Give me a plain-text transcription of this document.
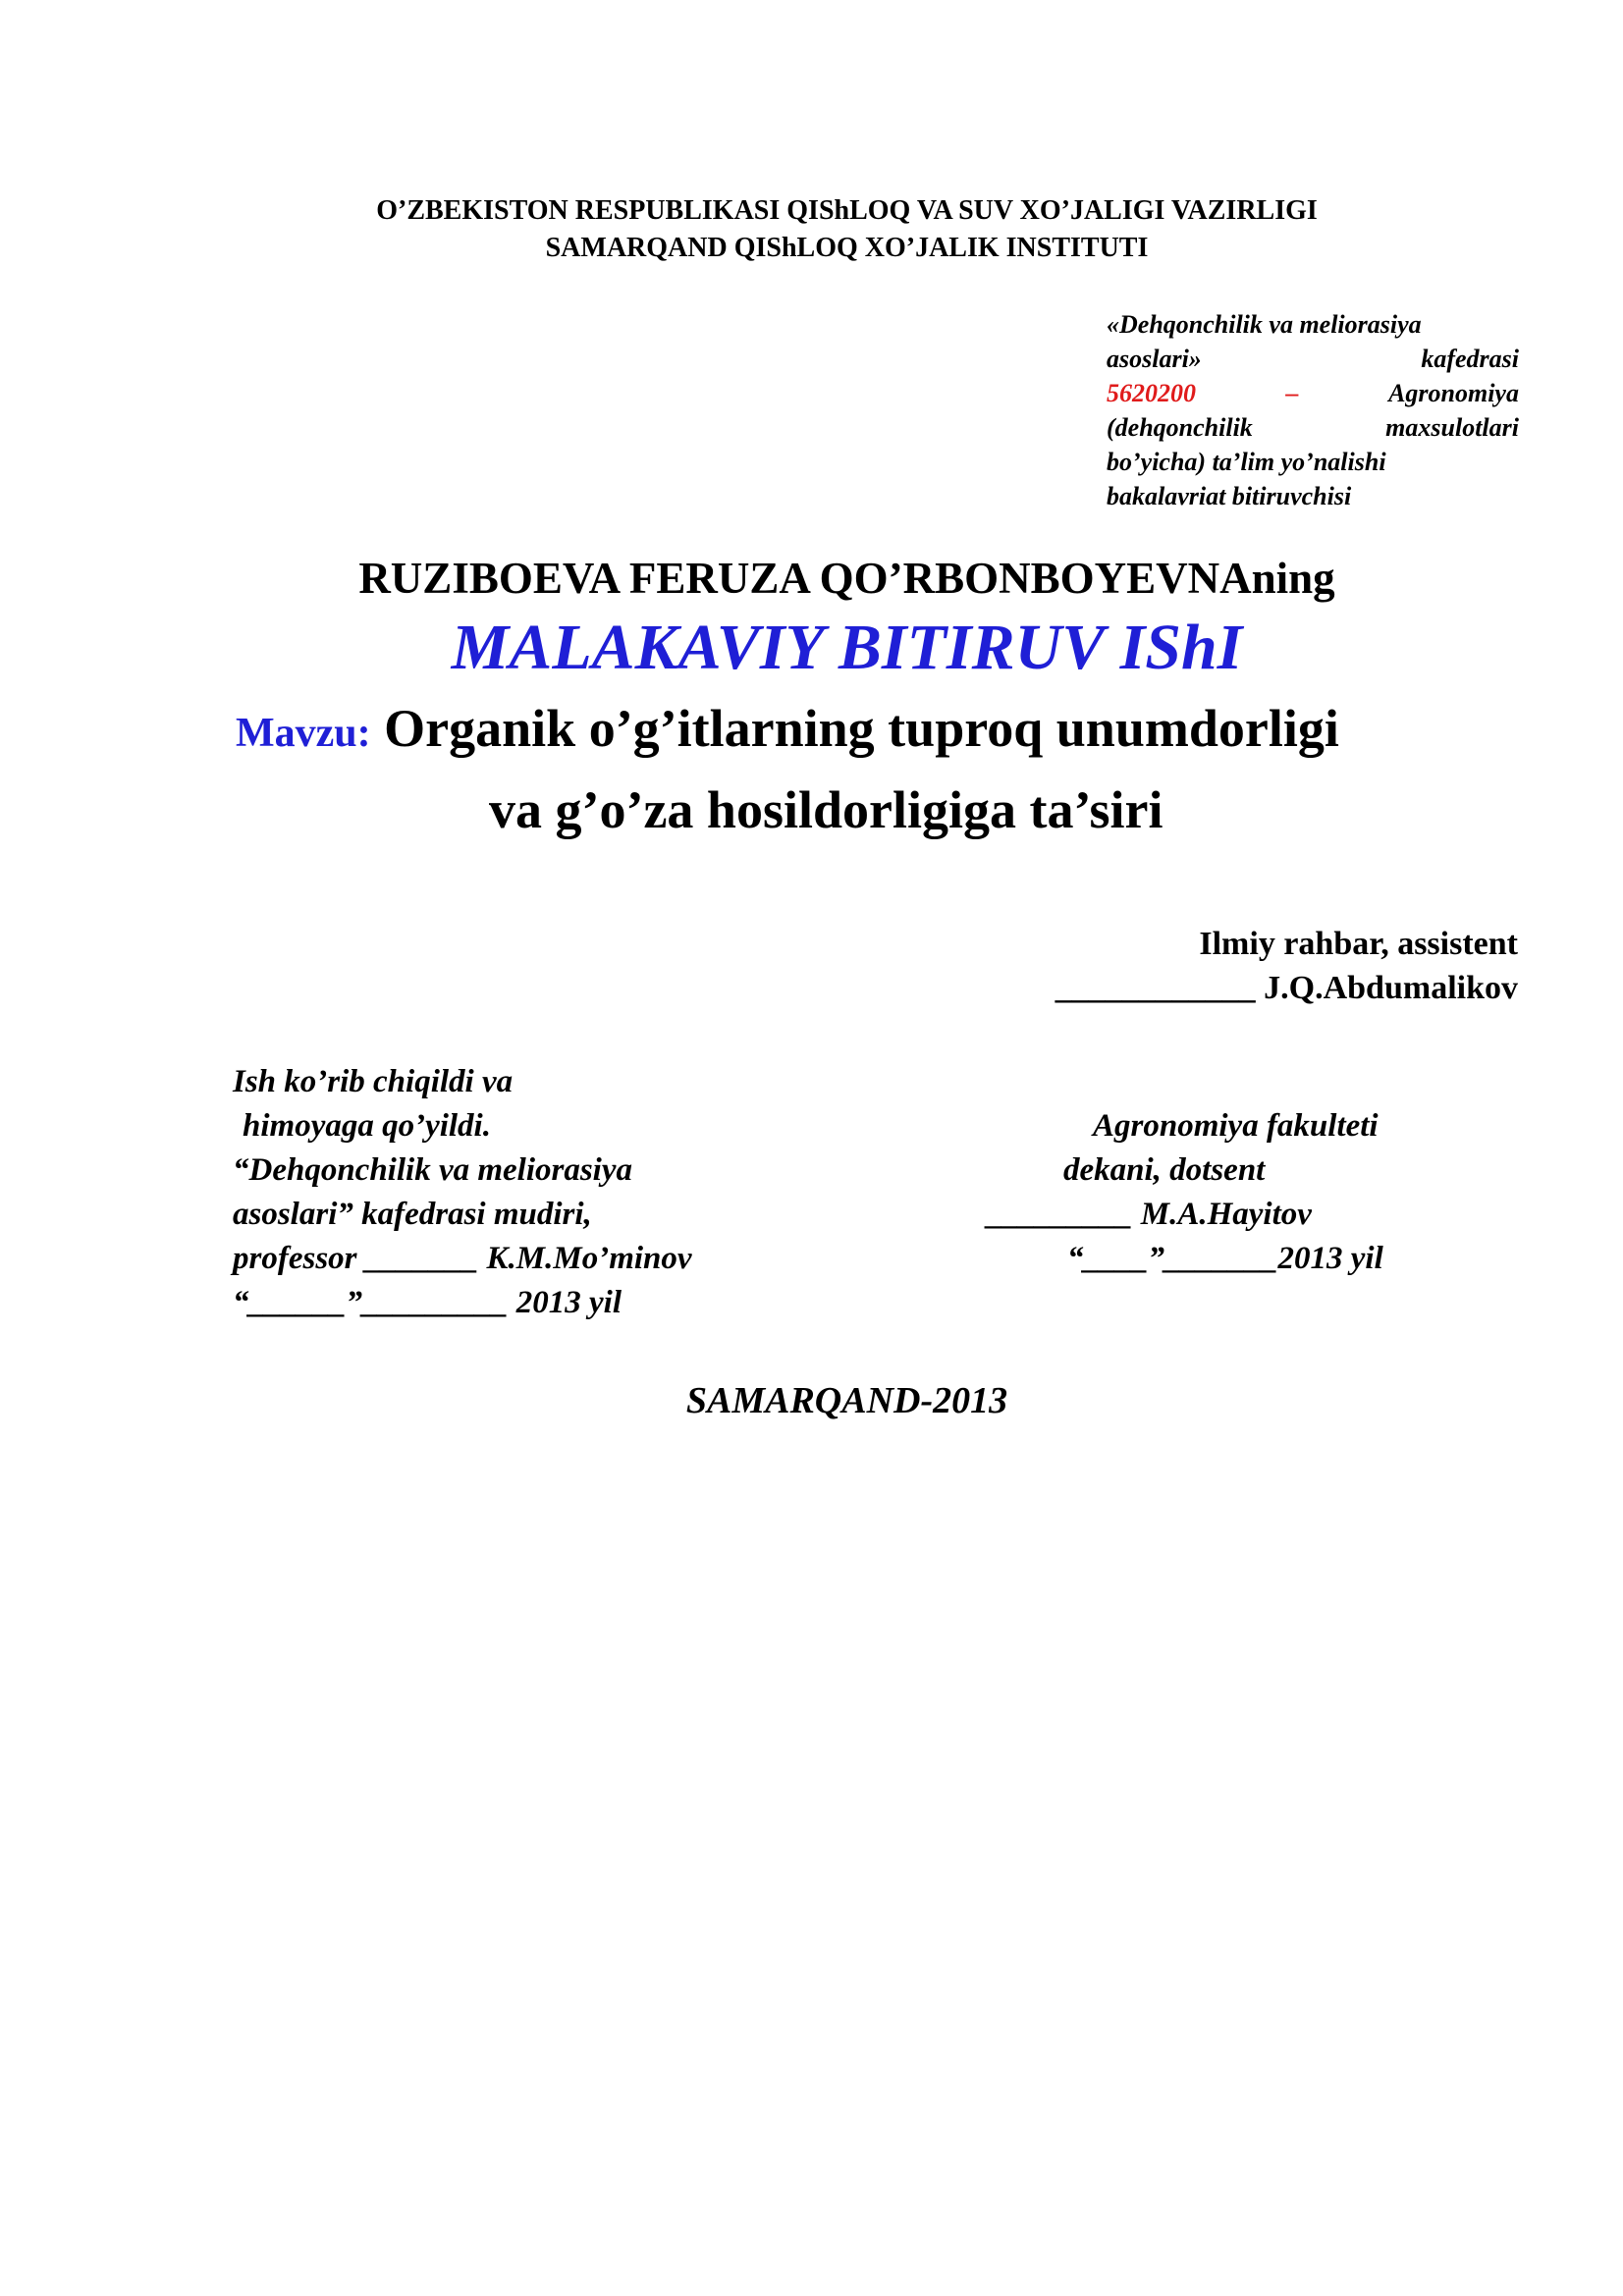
O’ZBEKISTON RESPUBLIKASI QIShLOQ VA SUV XO’JALIGI VAZIRLIGI
SAMARQAND QIShLOQ XO’JALIK INSTITUTI
«Dehqonchilik va meliorasiya
asoslari»	kafedrasi
5620200	–	Agronomiya
(dehqonchilik	maxsulotlari
bo’yicha) ta’lim yo’nalishi
bakalavriat bitiruvchisi
RUZIBOEVA FERUZA QO’RBONBOYEVNAning
MALAKAVIY BITIRUV IShI
Mavzu: Organik o’g’itlarning tuproq unumdorligi
va g’o’za hosildorligiga ta’siri
Ilmiy rahbar, assistent
____________ J.Q.Abdumalikov
Ish ko’rib chiqildi va
himoyaga qo’yildi.
“Dehqonchilik va meliorasiya
asoslari” kafedrasi mudiri,
professor _______ K.M.Mo’minov
“______”_________ 2013 yil
Agronomiya fakulteti
dekani, dotsent
_________ M.A.Hayitov
“____”_______2013 yil
SAMARQAND-2013
